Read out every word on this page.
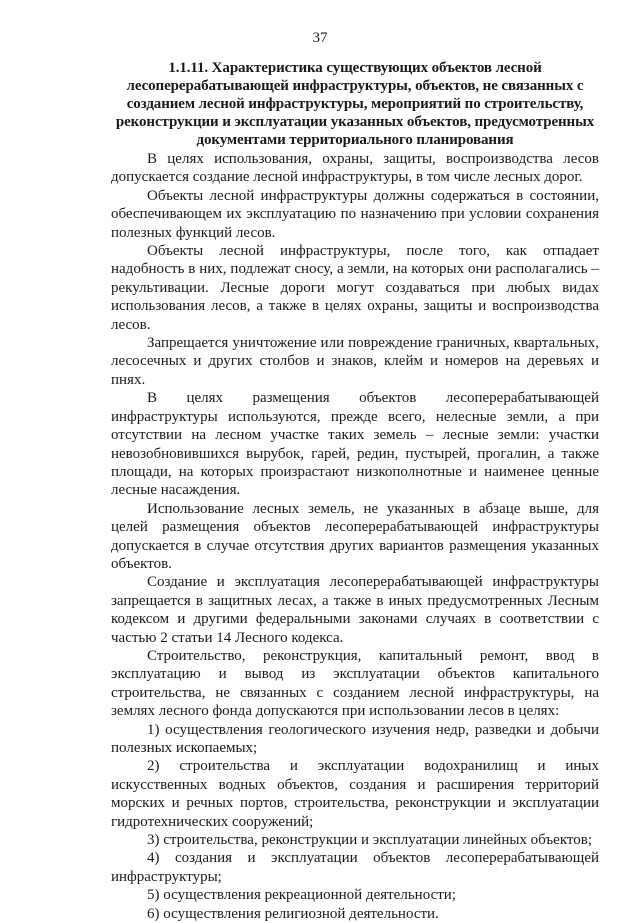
37
1.1.11. Характеристика существующих объектов лесной
лесоперерабатывающей инфраструктуры, объектов, не связанных с
созданием лесной инфраструктуры, мероприятий по строительству,
реконструкции и эксплуатации указанных объектов, предусмотренных
документами территориального планирования

В целях использования, охраны, защиты, воспроизводства лесов допускается создание лесной инфраструктуры, в том числе лесных дорог.

Объекты лесной инфраструктуры должны содержаться в состоянии, обеспечивающем их эксплуатацию по назначению при условии сохранения полезных функций лесов.

Объекты лесной инфраструктуры, после того, как отпадает надобность в них, подлежат сносу, а земли, на которых они располагались – рекультивации. Лесные дороги могут создаваться при любых видах использования лесов, а также в целях охраны, защиты и воспроизводства лесов.

Запрещается уничтожение или повреждение граничных, квартальных, лесосечных и других столбов и знаков, клейм и номеров на деревьях и пнях.

В целях размещения объектов лесоперерабатывающей инфраструктуры используются, прежде всего, нелесные земли, а при отсутствии на лесном участке таких земель – лесные земли: участки невозобновившихся вырубок, гарей, редин, пустырей, прогалин, а также площади, на которых произрастают низкополнотные и наименее ценные лесные насаждения.

Использование лесных земель, не указанных в абзаце выше, для целей размещения объектов лесоперерабатывающей инфраструктуры допускается в случае отсутствия других вариантов размещения указанных объектов.

Создание и эксплуатация лесоперерабатывающей инфраструктуры запрещается в защитных лесах, а также в иных предусмотренных Лесным кодексом и другими федеральными законами случаях в соответствии с частью 2 статьи 14 Лесного кодекса.

Строительство, реконструкция, капитальный ремонт, ввод в эксплуатацию и вывод из эксплуатации объектов капитального строительства, не связанных с созданием лесной инфраструктуры, на землях лесного фонда допускаются при использовании лесов в целях:

1) осуществления геологического изучения недр, разведки и добычи полезных ископаемых;

2) строительства и эксплуатации водохранилищ и иных искусственных водных объектов, создания и расширения территорий морских и речных портов, строительства, реконструкции и эксплуатации гидротехнических сооружений;

3) строительства, реконструкции и эксплуатации линейных объектов;

4) создания и эксплуатации объектов лесоперерабатывающей инфраструктуры;

5) осуществления рекреационной деятельности;

6) осуществления религиозной деятельности.
